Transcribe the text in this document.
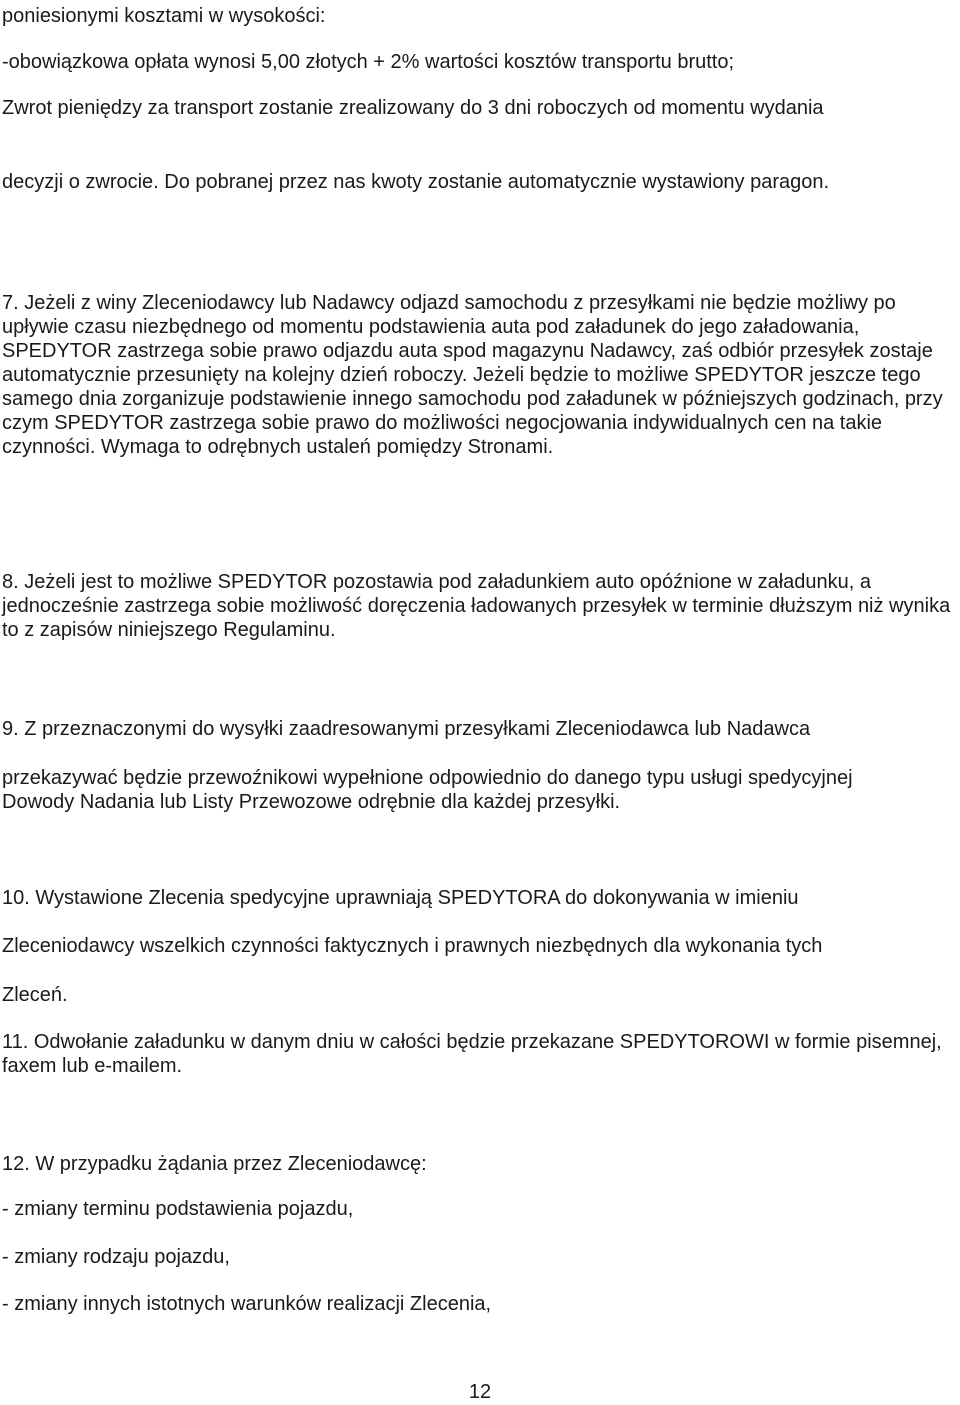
poniesionymi kosztami w wysokości:
-obowiązkowa opłata wynosi 5,00 złotych + 2% wartości kosztów transportu brutto;
Zwrot pieniędzy za transport zostanie zrealizowany do 3 dni roboczych od momentu wydania
decyzji o zwrocie. Do pobranej przez nas kwoty zostanie automatycznie wystawiony paragon.
7. Jeżeli z winy Zleceniodawcy lub Nadawcy odjazd samochodu z przesyłkami nie będzie możliwy po upływie czasu niezbędnego od momentu podstawienia auta pod załadunek do jego załadowania, SPEDYTOR zastrzega sobie prawo odjazdu auta spod magazynu Nadawcy, zaś odbiór przesyłek zostaje automatycznie przesunięty na kolejny dzień roboczy. Jeżeli będzie to możliwe SPEDYTOR jeszcze tego samego dnia zorganizuje podstawienie innego samochodu pod załadunek w późniejszych godzinach, przy czym SPEDYTOR zastrzega sobie prawo do możliwości negocjowania indywidualnych cen na takie czynności. Wymaga to odrębnych ustaleń pomiędzy Stronami.
8. Jeżeli jest to możliwe SPEDYTOR pozostawia pod załadunkiem auto opóźnione w załadunku, a jednocześnie zastrzega sobie możliwość doręczenia ładowanych przesyłek w terminie dłuższym niż wynika to z zapisów niniejszego Regulaminu.
9. Z przeznaczonymi do wysyłki zaadresowanymi przesyłkami Zleceniodawca lub Nadawca
przekazywać będzie przewoźnikowi wypełnione odpowiednio do danego typu usługi spedycyjnej Dowody Nadania lub Listy Przewozowe odrębnie dla każdej przesyłki.
10. Wystawione Zlecenia spedycyjne uprawniają SPEDYTORA do dokonywania w imieniu
Zleceniodawcy wszelkich czynności faktycznych i prawnych niezbędnych dla wykonania tych
Zleceń.
11. Odwołanie załadunku w danym dniu w całości będzie przekazane SPEDYTOROWI w formie pisemnej, faxem lub e-mailem.
12. W przypadku żądania przez Zleceniodawcę:
- zmiany terminu podstawienia pojazdu,
- zmiany rodzaju pojazdu,
- zmiany innych istotnych warunków realizacji Zlecenia,
12
